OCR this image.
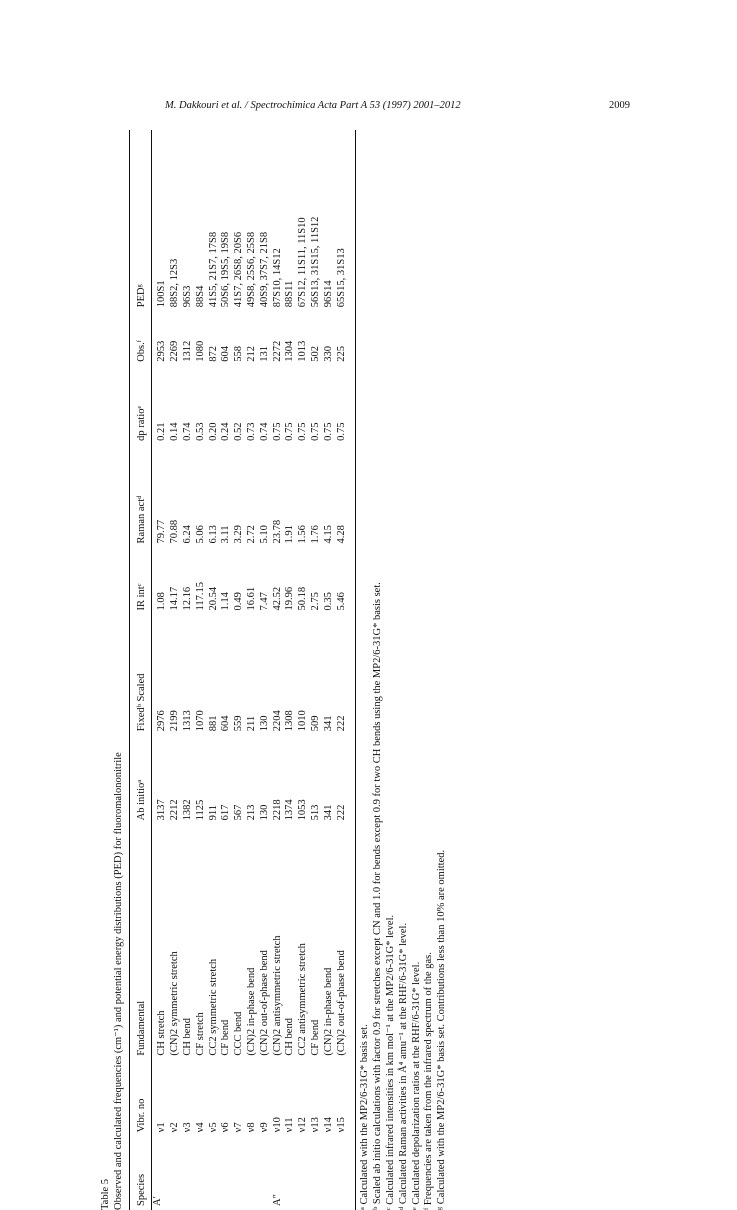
M. Dakkouri et al. / Spectrochimica Acta Part A 53 (1997) 2001–2012	2009

Table 5 Observed and calculated frequencies (cm⁻¹) and potential energy distributions (PED) for fluoromalononitrile Species	Vibr. no	Fundamental	Ab initioᵃ	Fixedᵇ Scaled	IR intᶜ	Raman actᵈ	dp ratioᵉ	Obs.ᶠ	PEDᵍ
A′	ν1	CH stretch	3137	2976	1.08	79.77	0.21	2953	100S1
	ν2	(CN)2 symmetric stretch	2212	2199	14.17	70.88	0.14	2269	88S2, 12S3
	ν3	CH bend	1382	1313	12.16	6.24	0.74	1312	96S3
	ν4	CF stretch	1125	1070	117.15	5.06	0.53	1080	88S4
	ν5	CC2 symmetric stretch	911	881	20.54	6.13	0.20	872	41S5, 21S7, 17S8
	ν6	CF bend	617	604	1.14	3.11	0.24	604	50S6, 19S5, 19S8
	ν7	CCC bend	567	559	0.49	3.29	0.52	558	41S7, 26S8, 20S6
	ν8	(CN)2 in-phase bend	213	211	16.61	2.72	0.73	212	49S8, 25S6, 25S8
	ν9	(CN)2 out-of-phase bend	130	130	7.47	5.10	0.74	131	40S9, 37S7, 21S8
A″	ν10	(CN)2 antisymmetric stretch	2218	2204	42.52	23.78	0.75	2272	87S10, 14S12
	ν11	CH bend	1374	1308	19.96	1.91	0.75	1304	88S11
	ν12	CC2 antisymmetric stretch	1053	1010	50.18	1.56	0.75	1013	67S12, 11S11, 11S10
	ν13	CF bend	513	509	2.75	1.76	0.75	502	56S13, 31S15, 11S12
	ν14	(CN)2 in-phase bend	341	341	0.35	4.15	0.75	330	96S14
	ν15	(CN)2 out-of-phase bend	222	222	5.46	4.28	0.75	225	65S15, 31S13

ᵃ Calculated with the MP2/6-31G* basis set. ᵇ Scaled ab initio calculations with factor 0.9 for stretches except CN and 1.0 for bends except 0.9 for two CH bends using the MP2/6-31G* basis set. ᶜ Calculated infrared intensities in km mol⁻¹ at the MP2/6-31G* level. ᵈ Calculated Raman activities in Å⁴ amu⁻¹ at the RHF/6-31G* level. ᵉ Calculated depolarization ratios at the RHF/6-31G* level. ᶠ Frequencies are taken from the infrared spectrum of the gas. ᵍ Calculated with the MP2/6-31G* basis set. Contributions less than 10% are omitted.
